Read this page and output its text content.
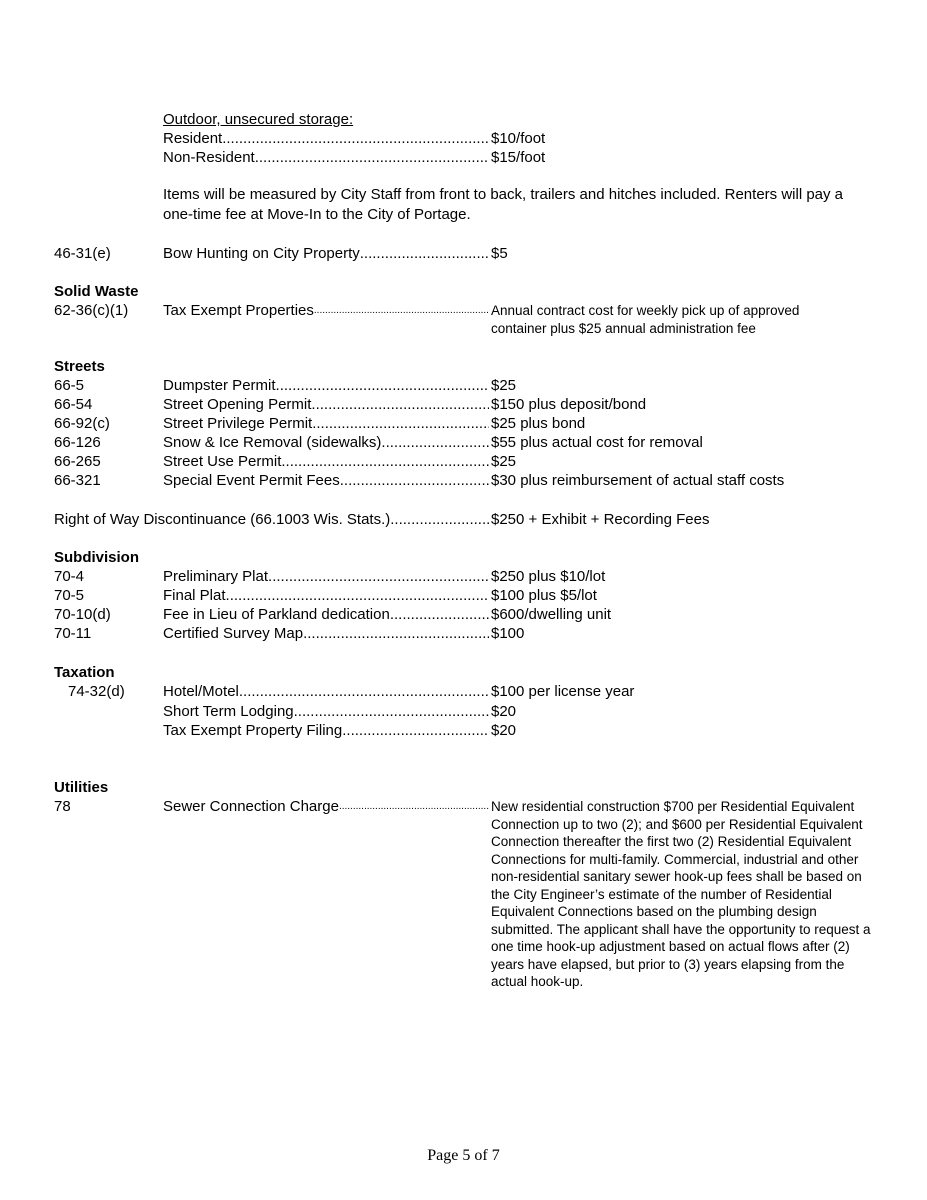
Outdoor, unsecured storage:
Resident .....	$10/foot
Non-Resident .....	$15/foot
Items will be measured by City Staff from front to back, trailers and hitches included. Renters will pay a one-time fee at Move-In to the City of Portage.
46-31(e)	Bow Hunting on City Property .....	$5
Solid Waste
62-36(c)(1) Tax Exempt Properties .....	Annual contract cost for weekly pick up of approved
container plus $25 annual administration fee
Streets
66-5	Dumpster Permit .....	$25
66-54	Street Opening Permit .....	$150 plus deposit/bond
66-92(c)	Street Privilege Permit .....	$25 plus bond
66-126	Snow & Ice Removal (sidewalks) .....	$55 plus actual cost for removal
66-265	Street Use Permit .....	$25
66-321	Special Event Permit Fees .....	$30 plus reimbursement of actual staff costs
Right of Way Discontinuance (66.1003 Wis. Stats.) .....	$250 + Exhibit + Recording Fees
Subdivision
70-4	Preliminary Plat .....	$250 plus $10/lot
70-5	Final Plat .....	$100 plus $5/lot
70-10(d)	Fee in Lieu of Parkland dedication .....	$600/dwelling unit
70-11	Certified Survey Map .....	$100
Taxation
74-32(d)	Hotel/Motel .....	$100 per license year
Short Term Lodging .....	$20
Tax Exempt Property Filing .....	$20
Utilities
78	Sewer Connection Charge .....	New residential construction $700 per Residential Equivalent Connection up to two (2); and $600 per Residential Equivalent Connection thereafter the first two (2) Residential Equivalent Connections for multi-family. Commercial, industrial and other non-residential sanitary sewer hook-up fees shall be based on the City Engineer’s estimate of the number of Residential Equivalent Connections based on the plumbing design submitted. The applicant shall have the opportunity to request a one time hook-up adjustment based on actual flows after (2) years have elapsed, but prior to (3) years elapsing from the actual hook-up.
Page 5 of 7
